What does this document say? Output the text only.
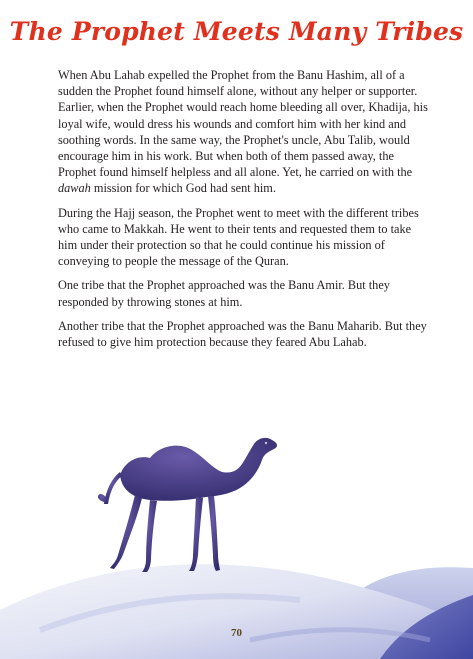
The Prophet Meets Many Tribes

When Abu Lahab expelled the Prophet from the Banu Hashim, all of a sudden the Prophet found himself alone, without any helper or supporter. Earlier, when the Prophet would reach home bleeding all over, Khadija, his loyal wife, would dress his wounds and comfort him with her kind and soothing words. In the same way, the Prophet's uncle, Abu Talib, would encourage him in his work. But when both of them passed away, the Prophet found himself helpless and all alone. Yet, he carried on with the dawah mission for which God had sent him.

During the Hajj season, the Prophet went to meet with the different tribes who came to Makkah. He went to their tents and requested them to take him under their protection so that he could continue his mission of conveying to people the message of the Quran.

One tribe that the Prophet approached was the Banu Amir. But they responded by throwing stones at him.

Another tribe that the Prophet approached was the Banu Maharib. But they refused to give him protection because they feared Abu Lahab.

70
